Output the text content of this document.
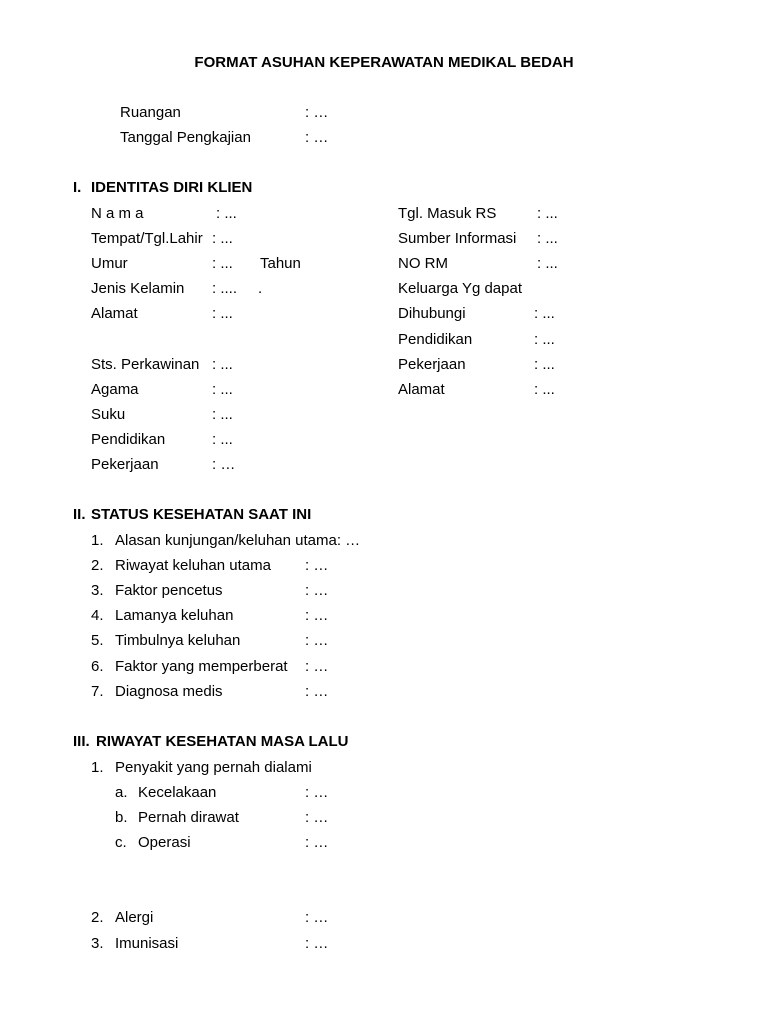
FORMAT ASUHAN KEPERAWATAN MEDIKAL BEDAH
Ruangan	: …
Tanggal Pengkajian	: …
I. IDENTITAS DIRI KLIEN
N a m a	: ...
Tempat/Tgl.Lahir : ...
Umur	: ... Tahun
Jenis Kelamin : .... .
Alamat	: ...
Sts. Perkawinan : ...
Agama	: ...
Suku	: ...
Pendidikan	: ...
Pekerjaan	: …
Tgl. Masuk RS	: ...
Sumber Informasi : ...
NO RM	: ...
Keluarga Yg dapat
Dihubungi	: ...
Pendidikan	: ...
Pekerjaan	: ...
Alamat	: ...
II. STATUS KESEHATAN SAAT INI
1. Alasan kunjungan/keluhan utama: …
2. Riwayat keluhan utama : …
3. Faktor pencetus	: …
4. Lamanya keluhan	: …
5. Timbulnya keluhan	: …
6. Faktor yang memperberat : …
7. Diagnosa medis	: …
III. RIWAYAT KESEHATAN MASA LALU
1. Penyakit yang pernah dialami
a. Kecelakaan	: …
b. Pernah dirawat	: …
c. Operasi	: …
2. Alergi	: …
3. Imunisasi	: …
